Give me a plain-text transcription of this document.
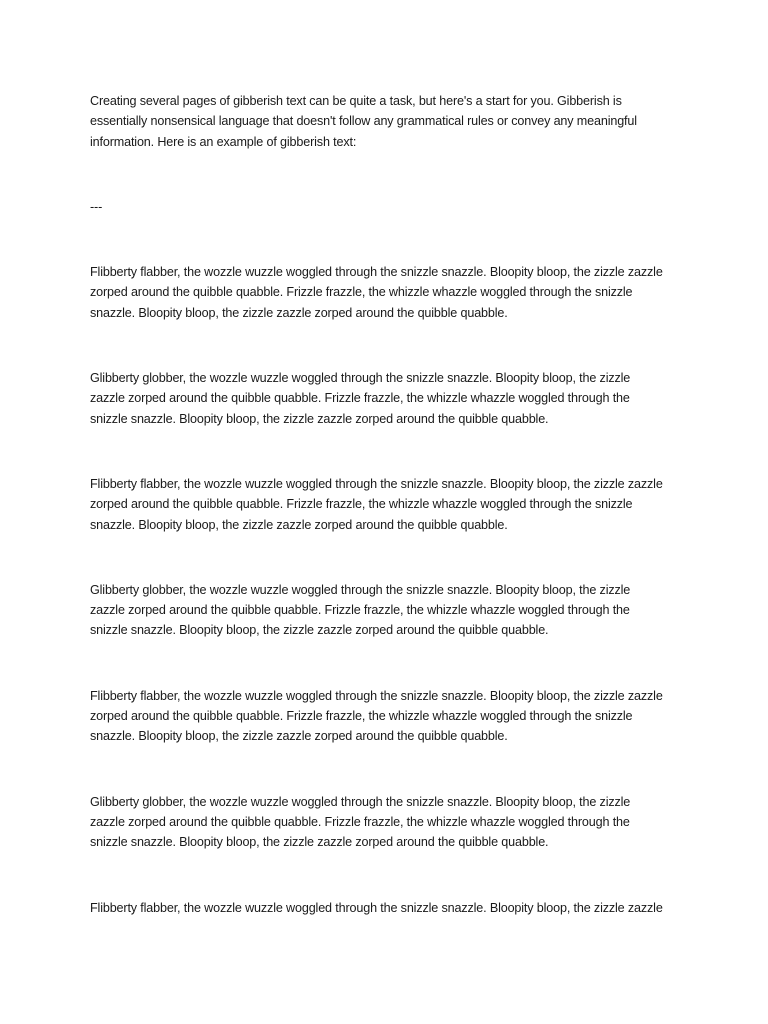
Creating several pages of gibberish text can be quite a task, but here's a start for you. Gibberish is
essentially nonsensical language that doesn't follow any grammatical rules or convey any meaningful
information. Here is an example of gibberish text:

---

Flibberty flabber, the wozzle wuzzle woggled through the snizzle snazzle. Bloopity bloop, the zizzle zazzle
zorped around the quibble quabble. Frizzle frazzle, the whizzle whazzle woggled through the snizzle
snazzle. Bloopity bloop, the zizzle zazzle zorped around the quibble quabble.

Glibberty globber, the wozzle wuzzle woggled through the snizzle snazzle. Bloopity bloop, the zizzle
zazzle zorped around the quibble quabble. Frizzle frazzle, the whizzle whazzle woggled through the
snizzle snazzle. Bloopity bloop, the zizzle zazzle zorped around the quibble quabble.

Flibberty flabber, the wozzle wuzzle woggled through the snizzle snazzle. Bloopity bloop, the zizzle zazzle
zorped around the quibble quabble. Frizzle frazzle, the whizzle whazzle woggled through the snizzle
snazzle. Bloopity bloop, the zizzle zazzle zorped around the quibble quabble.

Glibberty globber, the wozzle wuzzle woggled through the snizzle snazzle. Bloopity bloop, the zizzle
zazzle zorped around the quibble quabble. Frizzle frazzle, the whizzle whazzle woggled through the
snizzle snazzle. Bloopity bloop, the zizzle zazzle zorped around the quibble quabble.

Flibberty flabber, the wozzle wuzzle woggled through the snizzle snazzle. Bloopity bloop, the zizzle zazzle
zorped around the quibble quabble. Frizzle frazzle, the whizzle whazzle woggled through the snizzle
snazzle. Bloopity bloop, the zizzle zazzle zorped around the quibble quabble.

Glibberty globber, the wozzle wuzzle woggled through the snizzle snazzle. Bloopity bloop, the zizzle
zazzle zorped around the quibble quabble. Frizzle frazzle, the whizzle whazzle woggled through the
snizzle snazzle. Bloopity bloop, the zizzle zazzle zorped around the quibble quabble.

Flibberty flabber, the wozzle wuzzle woggled through the snizzle snazzle. Bloopity bloop, the zizzle zazzle
